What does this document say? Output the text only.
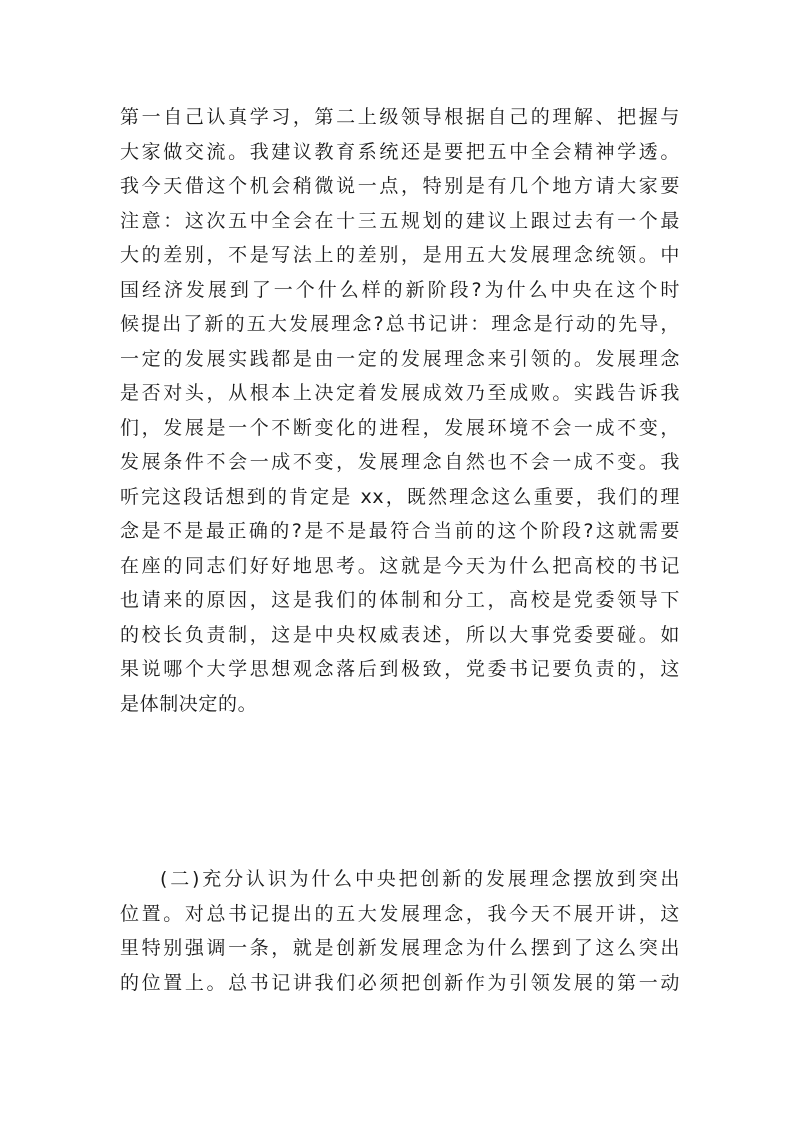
第一自己认真学习，第二上级领导根据自己的理解、把握与
大家做交流。我建议教育系统还是要把五中全会精神学透。
我今天借这个机会稍微说一点，特别是有几个地方请大家要
注意：这次五中全会在十三五规划的建议上跟过去有一个最
大的差别，不是写法上的差别，是用五大发展理念统领。中
国经济发展到了一个什么样的新阶段?为什么中央在这个时
候提出了新的五大发展理念?总书记讲：理念是行动的先导，
一定的发展实践都是由一定的发展理念来引领的。发展理念
是否对头，从根本上决定着发展成效乃至成败。实践告诉我
们，发展是一个不断变化的进程，发展环境不会一成不变，
发展条件不会一成不变，发展理念自然也不会一成不变。我
听完这段话想到的肯定是 xx，既然理念这么重要，我们的理
念是不是最正确的?是不是最符合当前的这个阶段?这就需要
在座的同志们好好地思考。这就是今天为什么把高校的书记
也请来的原因，这是我们的体制和分工，高校是党委领导下
的校长负责制，这是中央权威表述，所以大事党委要碰。如
果说哪个大学思想观念落后到极致，党委书记要负责的，这
是体制决定的。
(二)充分认识为什么中央把创新的发展理念摆放到突出
位置。对总书记提出的五大发展理念，我今天不展开讲，这
里特别强调一条，就是创新发展理念为什么摆到了这么突出
的位置上。总书记讲我们必须把创新作为引领发展的第一动
